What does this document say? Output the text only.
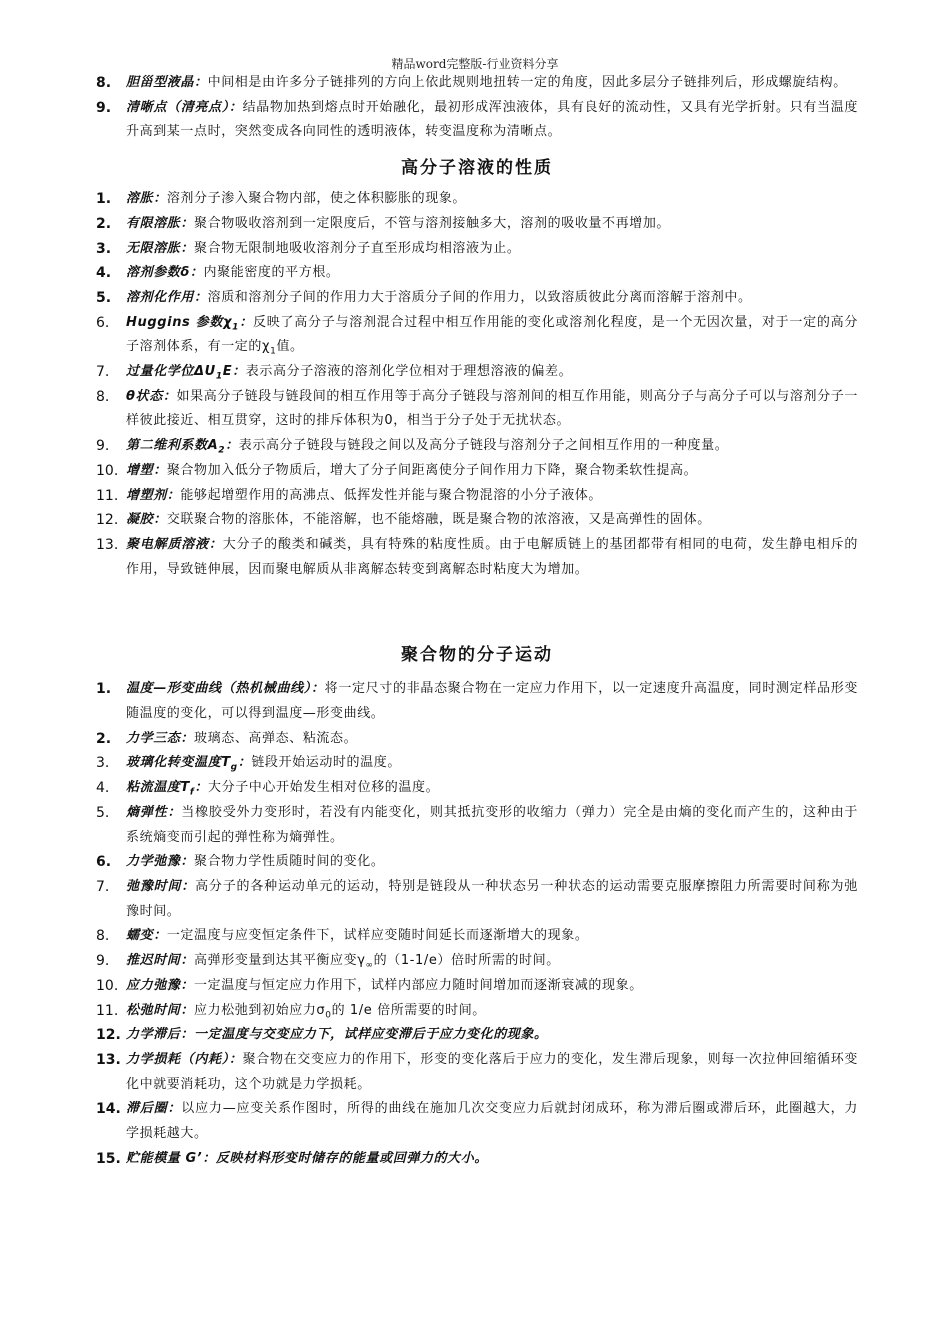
精品word完整版-行业资料分享
8.	胆甾型液晶：中间相是由许多分子链排列的方向上依此规则地扭转一定的角度，因此多层分子链排列后，形成螺旋结构。
9.	清晰点（清亮点）：结晶物加热到熔点时开始融化，最初形成浑浊液体，具有良好的流动性，又具有光学折射。只有当温度升高到某一点时，突然变成各向同性的透明液体，转变温度称为清晰点。
高分子溶液的性质
1.	溶胀：溶剂分子渗入聚合物内部，使之体积膨胀的现象。
2.	有限溶胀：聚合物吸收溶剂到一定限度后，不管与溶剂接触多大，溶剂的吸收量不再增加。
3.	无限溶胀：聚合物无限制地吸收溶剂分子直至形成均相溶液为止。
4.	溶剂参数δ：内聚能密度的平方根。
5.	溶剂化作用：溶质和溶剂分子间的作用力大于溶质分子间的作用力，以致溶质彼此分离而溶解于溶剂中。
6.	Huggins 参数$\chi_1$：反映了高分子与溶剂混合过程中相互作用能的变化或溶剂化程度，是一个无因次量，对于一定的高分子溶剂体系，有一定的$\chi_1$值。
7.	过量化学位$\Delta U_1E$：表示高分子溶液的溶剂化学位相对于理想溶液的偏差。
8.	θ状态：如果高分子链段与链段间的相互作用等于高分子链段与溶剂间的相互作用能，则高分子与高分子可以与溶剂分子一样彼此接近、相互贯穿，这时的排斥体积为0，相当于分子处于无扰状态。
9.	第二维利系数$A_2$：表示高分子链段与链段之间以及高分子链段与溶剂分子之间相互作用的一种度量。
10. 增塑：聚合物加入低分子物质后，增大了分子间距离使分子间作用力下降，聚合物柔软性提高。
11. 增塑剂：能够起增塑作用的高沸点、低挥发性并能与聚合物混溶的小分子液体。
12. 凝胶：交联聚合物的溶胀体，不能溶解，也不能熔融，既是聚合物的浓溶液，又是高弹性的固体。
13. 聚电解质溶液：大分子的酸类和碱类，具有特殊的粘度性质。由于电解质链上的基团都带有相同的电荷，发生静电相斥的作用，导致链伸展，因而聚电解质从非离解态转变到离解态时粘度大为增加。
聚合物的分子运动
1.	温度—形变曲线（热机械曲线）：将一定尺寸的非晶态聚合物在一定应力作用下，以一定速度升高温度，同时测定样品形变随温度的变化，可以得到温度—形变曲线。
2.	力学三态：玻璃态、高弹态、粘流态。
3.	玻璃化转变温度$T_g$：链段开始运动时的温度。
4.	粘流温度$T_f$：大分子中心开始发生相对位移的温度。
5.	熵弹性：当橡胶受外力变形时，若没有内能变化，则其抵抗变形的收缩力（弹力）完全是由熵的变化而产生的，这种由于系统熵变而引起的弹性称为熵弹性。
6.	力学弛豫：聚合物力学性质随时间的变化。
7.	弛豫时间：高分子的各种运动单元的运动，特别是链段从一种状态另一种状态的运动需要克服摩擦阻力所需要时间称为弛豫时间。
8.	蠕变：一定温度与应变恒定条件下，试样应变随时间延长而逐渐增大的现象。
9.	推迟时间：高弹形变量到达其平衡应变$\gamma_\infty$的（1-1/e）倍时所需的时间。
10. 应力弛豫：一定温度与恒定应力作用下，试样内部应力随时间增加而逐渐衰减的现象。
11. 松弛时间：应力松弛到初始应力$\sigma_0$的 1/e 倍所需要的时间。
12. 力学滞后：一定温度与交变应力下，试样应变滞后于应力变化的现象。
13. 力学损耗（内耗）：聚合物在交变应力的作用下，形变的变化落后于应力的变化，发生滞后现象，则每一次拉伸回缩循环变化中就要消耗功，这个功就是力学损耗。
14. 滞后圈：以应力—应变关系作图时，所得的曲线在施加几次交变应力后就封闭成环，称为滞后圈或滞后环，此圈越大，力学损耗越大。
15. 贮能模量 G’：反映材料形变时储存的能量或回弹力的大小。
